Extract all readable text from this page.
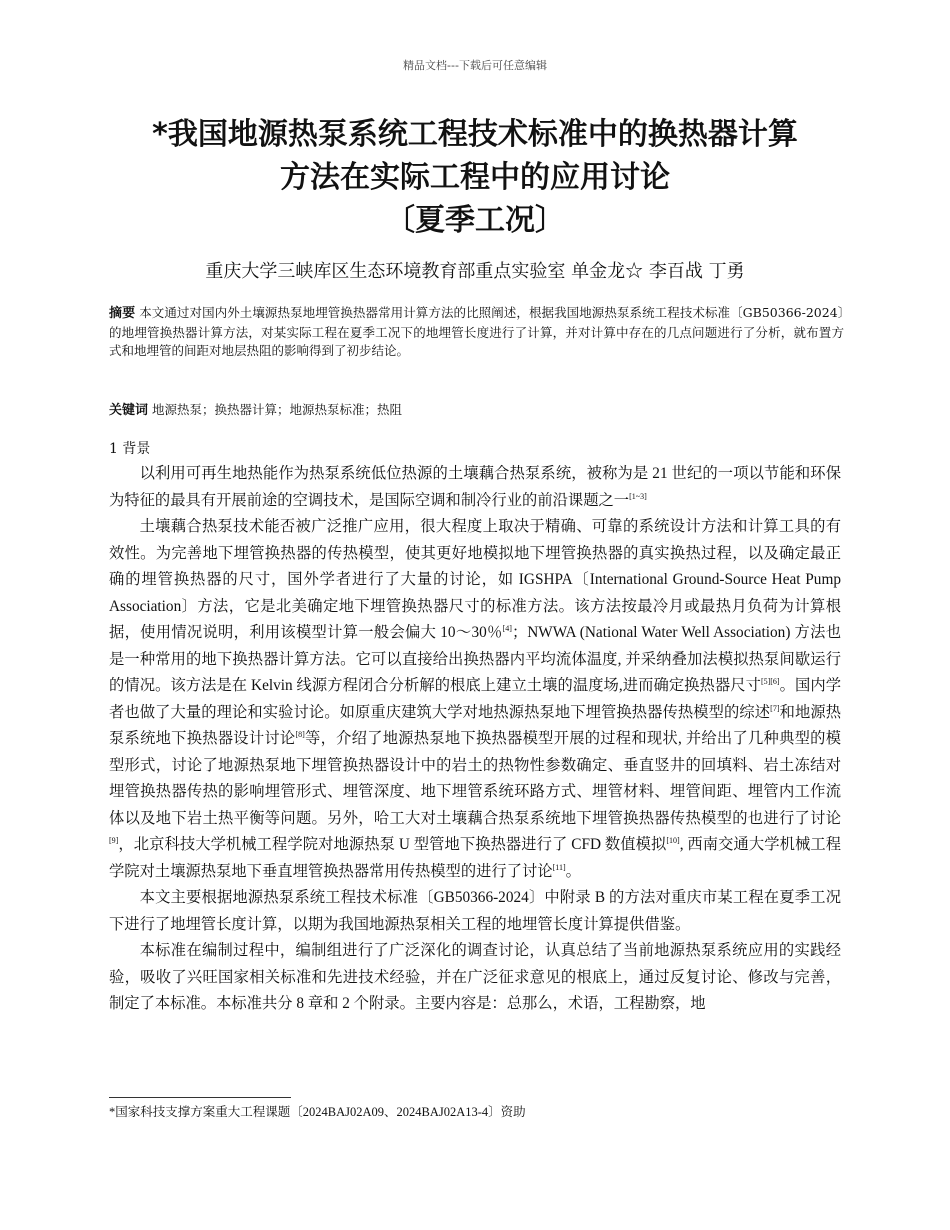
精品文档---下载后可任意编辑
*我国地源热泵系统工程技术标准中的换热器计算
方法在实际工程中的应用讨论
〔夏季工况〕
重庆大学三峡库区生态环境教育部重点实验室 单金龙☆ 李百战 丁勇
摘要 本文通过对国内外土壤源热泵地埋管换热器常用计算方法的比照阐述，根据我国地源热泵系统工程技术标准〔GB50366-2024〕的地埋管换热器计算方法，对某实际工程在夏季工况下的地埋管长度进行了计算，并对计算中存在的几点问题进行了分析，就布置方式和地埋管的间距对地层热阻的影响得到了初步结论。
关键词 地源热泵；换热器计算；地源热泵标准；热阻
1 背景

以利用可再生地热能作为热泵系统低位热源的土壤藕合热泵系统，被称为是 21 世纪的一项以节能和环保为特征的最具有开展前途的空调技术，是国际空调和制冷行业的前沿课题之一[1~3]

土壤藕合热泵技术能否被广泛推广应用，很大程度上取决于精确、可靠的系统设计方法和计算工具的有效性。为完善地下埋管换热器的传热模型，使其更好地模拟地下埋管换热器的真实换热过程，以及确定最正确的埋管换热器的尺寸，国外学者进行了大量的讨论，如 IGSHPA〔International Ground-Source Heat Pump Association〕方法，它是北美确定地下埋管换热器尺寸的标准方法。该方法按最冷月或最热月负荷为计算根据，使用情况说明，利用该模型计算一般会偏大 10～30％[4]；NWWA (National Water Well Association) 方法也是一种常用的地下换热器计算方法。它可以直接给出换热器内平均流体温度, 并采纳叠加法模拟热泵间歇运行的情况。该方法是在 Kelvin 线源方程闭合分析解的根底上建立土壤的温度场,进而确定换热器尺寸[5][6]。国内学者也做了大量的理论和实验讨论。如原重庆建筑大学对地热源热泵地下埋管换热器传热模型的综述[7]和地源热泵系统地下换热器设计讨论[8]等，介绍了地源热泵地下换热器模型开展的过程和现状, 并给出了几种典型的模型形式，讨论了地源热泵地下埋管换热器设计中的岩土的热物性参数确定、垂直竖井的回填料、岩土冻结对埋管换热器传热的影响埋管形式、埋管深度、地下埋管系统环路方式、埋管材料、埋管间距、埋管内工作流体以及地下岩土热平衡等问题。另外，哈工大对土壤藕合热泵系统地下埋管换热器传热模型的也进行了讨论[9]，北京科技大学机械工程学院对地源热泵 U 型管地下换热器进行了 CFD 数值模拟[10], 西南交通大学机械工程学院对土壤源热泵地下垂直埋管换热器常用传热模型的进行了讨论[11]。

本文主要根据地源热泵系统工程技术标准〔GB50366-2024〕中附录 B 的方法对重庆市某工程在夏季工况下进行了地埋管长度计算，以期为我国地源热泵相关工程的地埋管长度计算提供借鉴。

本标准在编制过程中，编制组进行了广泛深化的调查讨论，认真总结了当前地源热泵系统应用的实践经验，吸收了兴旺国家相关标准和先进技术经验，并在广泛征求意见的根底上，通过反复讨论、修改与完善，制定了本标准。本标准共分 8 章和 2 个附录。主要内容是：总那么，术语，工程勘察，地

*国家科技支撑方案重大工程课题〔2024BAJ02A09、2024BAJ02A13-4〕资助
